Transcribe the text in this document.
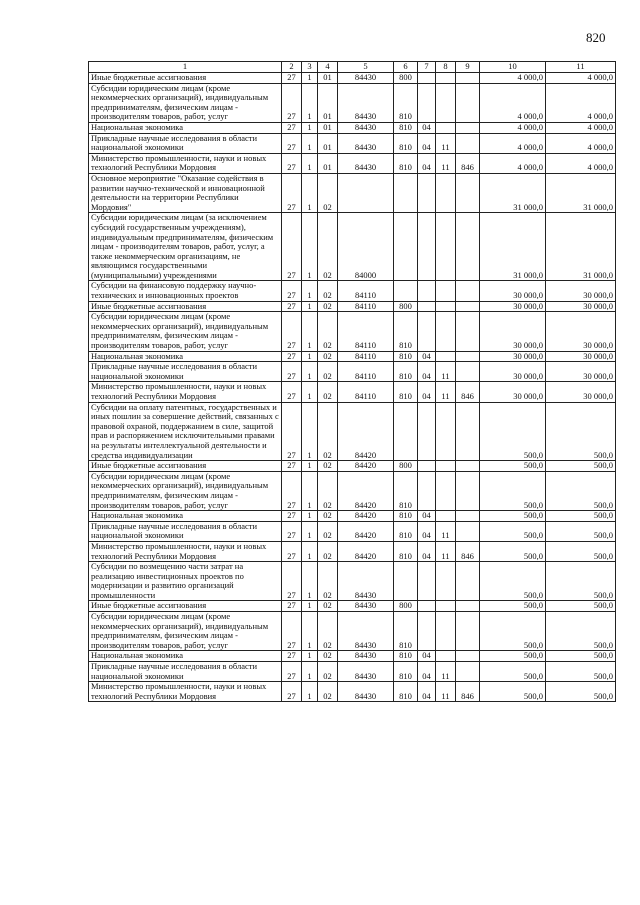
820
1	2	3	4	5	6	7	8	9	10	11
Иные бюджетные ассигнования	27	1	01	84430	800				4 000,0	4 000,0
Субсидии юридическим лицам (кроме некоммерческих организаций), индивидуальным предпринимателям, физическим лицам - производителям товаров, работ, услуг	27	1	01	84430	810				4 000,0	4 000,0
Национальная экономика	27	1	01	84430	810	04			4 000,0	4 000,0
Прикладные научные исследования в области национальной экономики	27	1	01	84430	810	04	11		4 000,0	4 000,0
Министерство промышленности, науки и новых технологий Республики Мордовия	27	1	01	84430	810	04	11	846	4 000,0	4 000,0
Основное мероприятие "Оказание содействия в развитии научно-технической и инновационной деятельности на территории Республики Мордовия"	27	1	02						31 000,0	31 000,0
Субсидии юридическим лицам (за исключением субсидий государственным учреждениям), индивидуальным предпринимателям, физическим лицам - производителям товаров, работ, услуг, а также некоммерческим организациям, не являющимся государственными (муниципальными) учреждениями	27	1	02	84000					31 000,0	31 000,0
Субсидии на финансовую поддержку научно-технических и инновационных проектов	27	1	02	84110					30 000,0	30 000,0
Иные бюджетные ассигнования	27	1	02	84110	800				30 000,0	30 000,0
Субсидии юридическим лицам (кроме некоммерческих организаций), индивидуальным предпринимателям, физическим лицам - производителям товаров, работ, услуг	27	1	02	84110	810				30 000,0	30 000,0
Национальная экономика	27	1	02	84110	810	04			30 000,0	30 000,0
Прикладные научные исследования в области национальной экономики	27	1	02	84110	810	04	11		30 000,0	30 000,0
Министерство промышленности, науки и новых технологий Республики Мордовия	27	1	02	84110	810	04	11	846	30 000,0	30 000,0
Субсидии на оплату патентных, государственных и иных пошлин за совершение действий, связанных с правовой охраной, поддержанием в силе, защитой прав и распоряжением исключительными правами на результаты интеллектуальной деятельности и средства индивидуализации	27	1	02	84420					500,0	500,0
Иные бюджетные ассигнования	27	1	02	84420	800				500,0	500,0
Субсидии юридическим лицам (кроме некоммерческих организаций), индивидуальным предпринимателям, физическим лицам - производителям товаров, работ, услуг	27	1	02	84420	810				500,0	500,0
Национальная экономика	27	1	02	84420	810	04			500,0	500,0
Прикладные научные исследования в области национальной экономики	27	1	02	84420	810	04	11		500,0	500,0
Министерство промышленности, науки и новых технологий Республики Мордовия	27	1	02	84420	810	04	11	846	500,0	500,0
Субсидии по возмещению части затрат на реализацию инвестиционных проектов по модернизации и развитию организаций промышленности	27	1	02	84430					500,0	500,0
Иные бюджетные ассигнования	27	1	02	84430	800				500,0	500,0
Субсидии юридическим лицам (кроме некоммерческих организаций), индивидуальным предпринимателям, физическим лицам - производителям товаров, работ, услуг	27	1	02	84430	810				500,0	500,0
Национальная экономика	27	1	02	84430	810	04			500,0	500,0
Прикладные научные исследования в области национальной экономики	27	1	02	84430	810	04	11		500,0	500,0
Министерство промышленности, науки и новых технологий Республики Мордовия	27	1	02	84430	810	04	11	846	500,0	500,0
